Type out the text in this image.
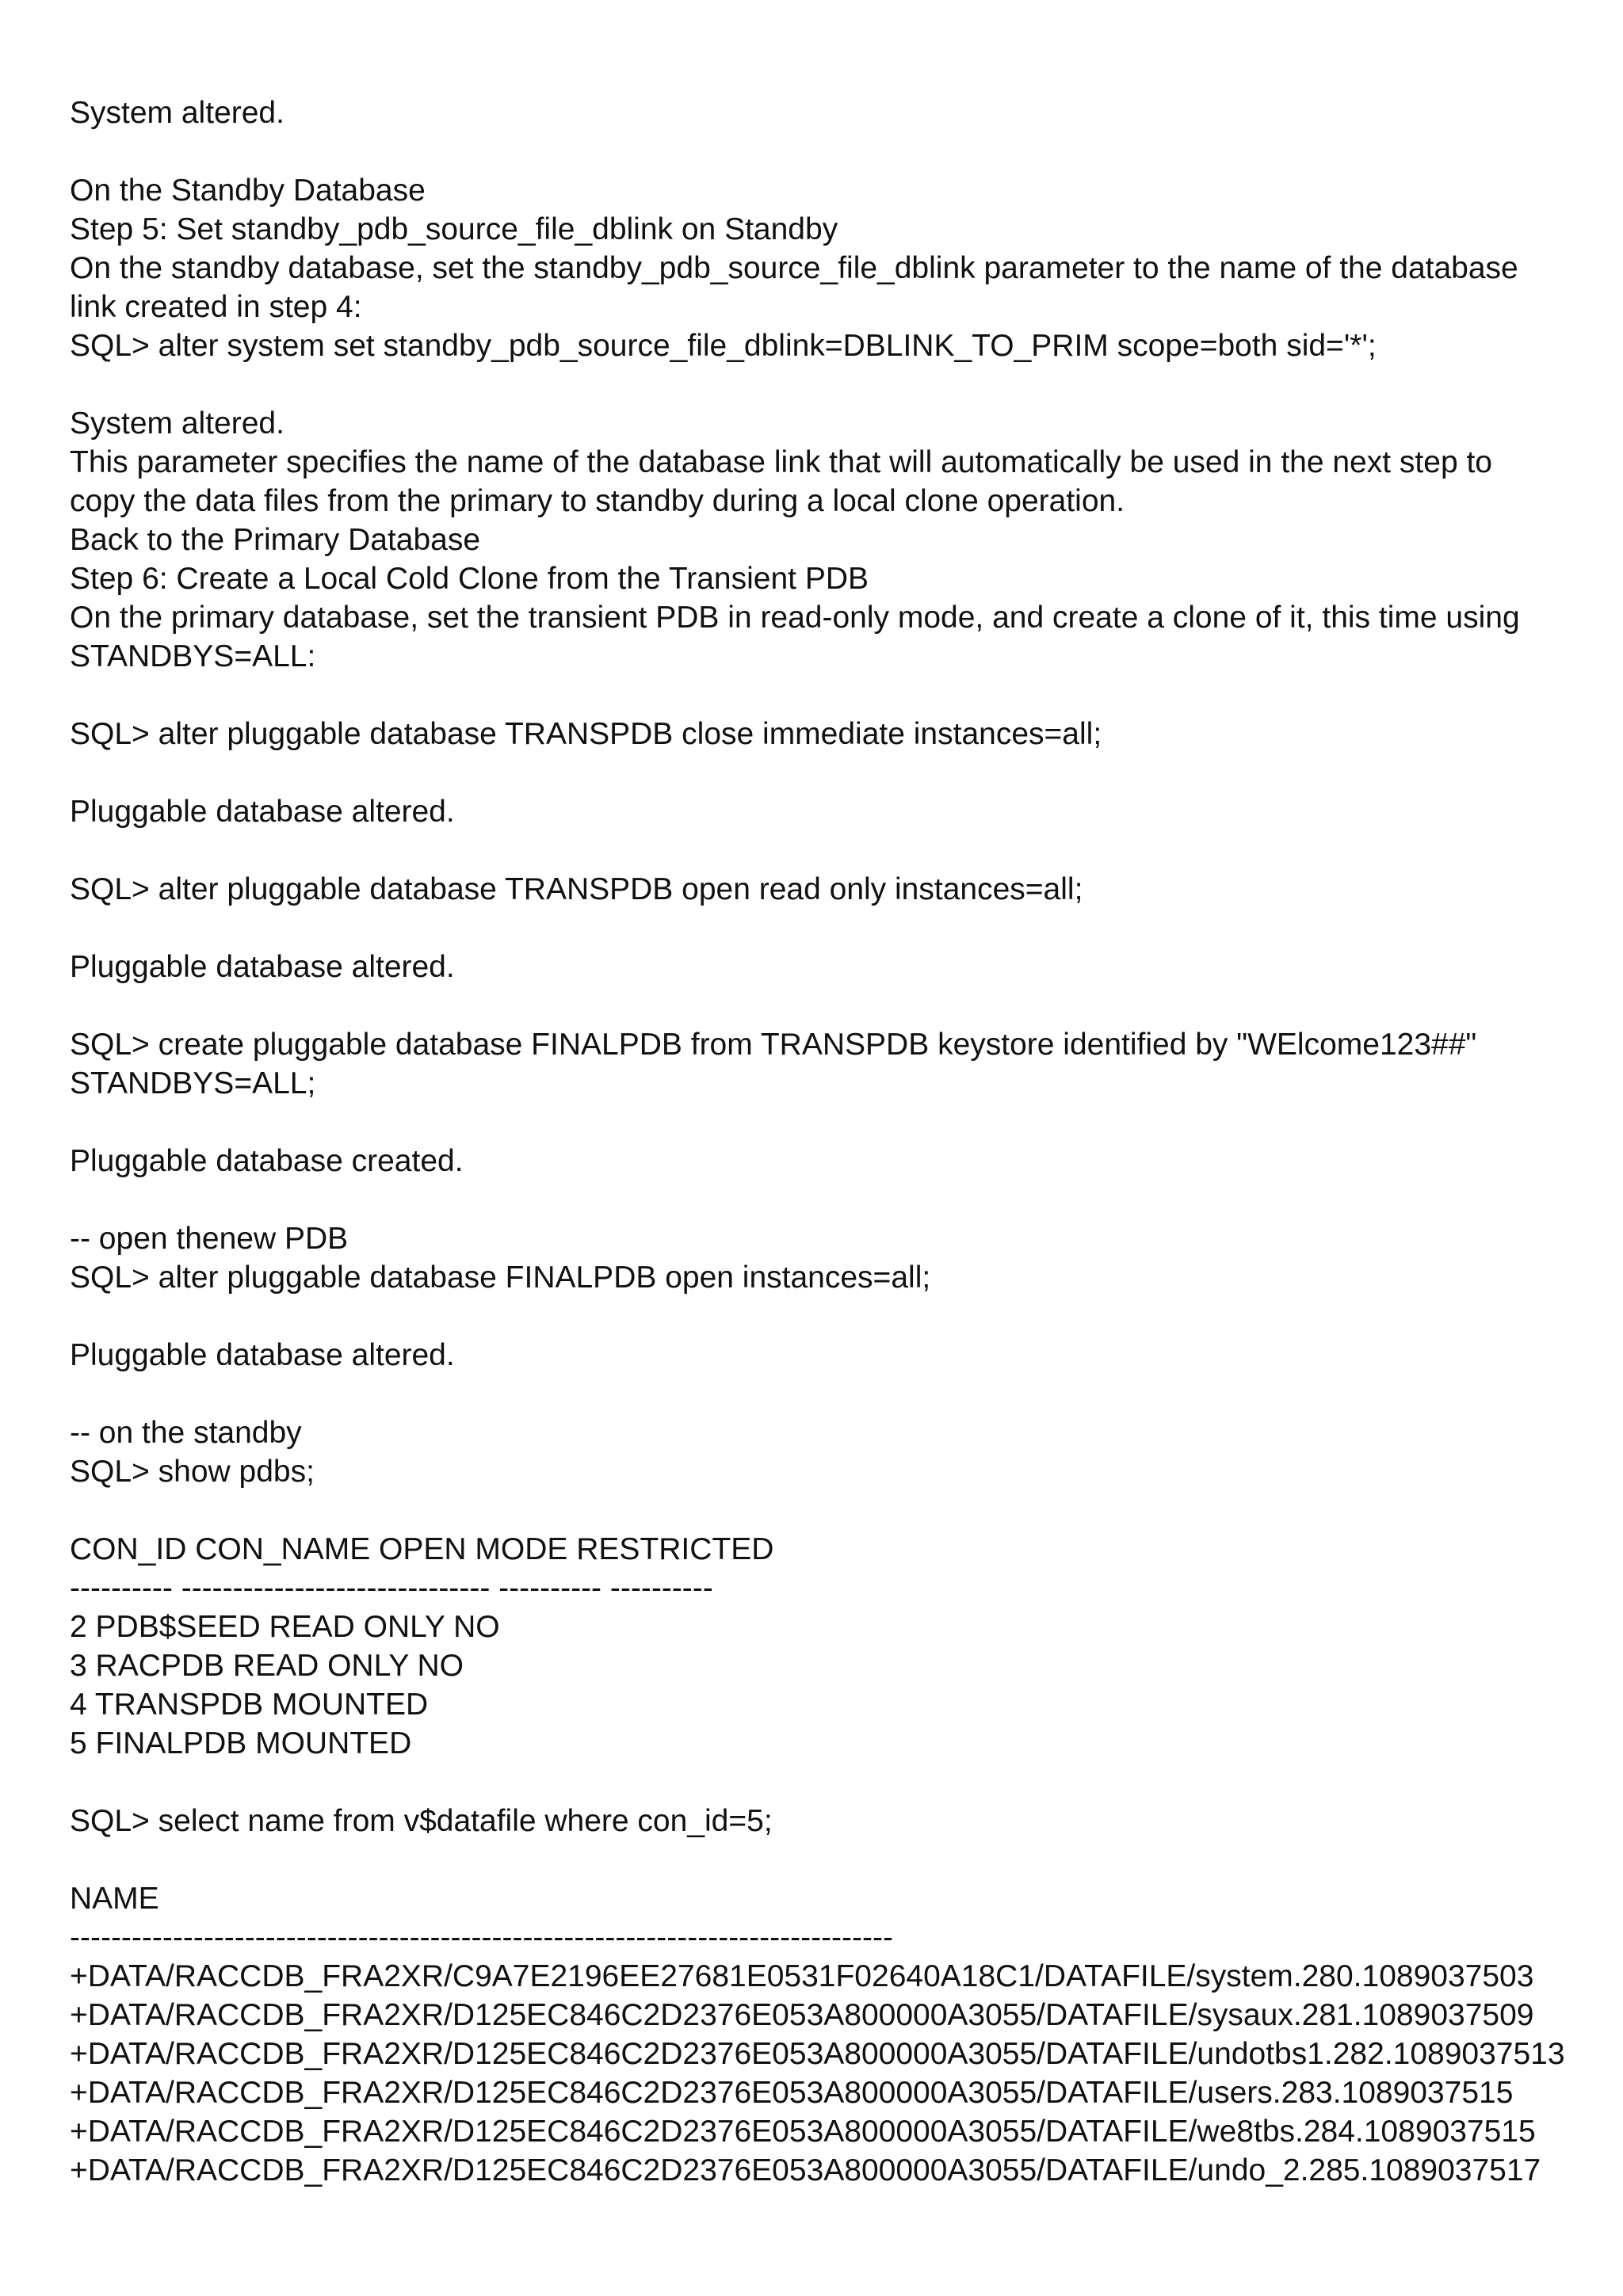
System altered.
On the Standby Database
Step 5: Set standby_pdb_source_file_dblink on Standby
On the standby database, set the standby_pdb_source_file_dblink parameter to the name of the database
link created in step 4:
SQL> alter system set standby_pdb_source_file_dblink=DBLINK_TO_PRIM scope=both sid='*';
System altered.
This parameter specifies the name of the database link that will automatically be used in the next step to
copy the data files from the primary to standby during a local clone operation.
Back to the Primary Database
Step 6: Create a Local Cold Clone from the Transient PDB
On the primary database, set the transient PDB in read-only mode, and create a clone of it, this time using
STANDBYS=ALL:
SQL> alter pluggable database TRANSPDB close immediate instances=all;
Pluggable database altered.
SQL> alter pluggable database TRANSPDB open read only instances=all;
Pluggable database altered.
SQL> create pluggable database FINALPDB from TRANSPDB keystore identified by "WElcome123##"
STANDBYS=ALL;
Pluggable database created.
-- open thenew PDB
SQL> alter pluggable database FINALPDB open instances=all;
Pluggable database altered.
-- on the standby
SQL> show pdbs;
CON_ID CON_NAME OPEN MODE RESTRICTED
---------- ------------------------------ ---------- ----------
2 PDB$SEED READ ONLY NO
3 RACPDB READ ONLY NO
4 TRANSPDB MOUNTED
5 FINALPDB MOUNTED
SQL> select name from v$datafile where con_id=5;
NAME
--------------------------------------------------------------------------------
+DATA/RACCDB_FRA2XR/C9A7E2196EE27681E0531F02640A18C1/DATAFILE/system.280.1089037503
+DATA/RACCDB_FRA2XR/D125EC846C2D2376E053A800000A3055/DATAFILE/sysaux.281.1089037509
+DATA/RACCDB_FRA2XR/D125EC846C2D2376E053A800000A3055/DATAFILE/undotbs1.282.1089037513
+DATA/RACCDB_FRA2XR/D125EC846C2D2376E053A800000A3055/DATAFILE/users.283.1089037515
+DATA/RACCDB_FRA2XR/D125EC846C2D2376E053A800000A3055/DATAFILE/we8tbs.284.1089037515
+DATA/RACCDB_FRA2XR/D125EC846C2D2376E053A800000A3055/DATAFILE/undo_2.285.1089037517
